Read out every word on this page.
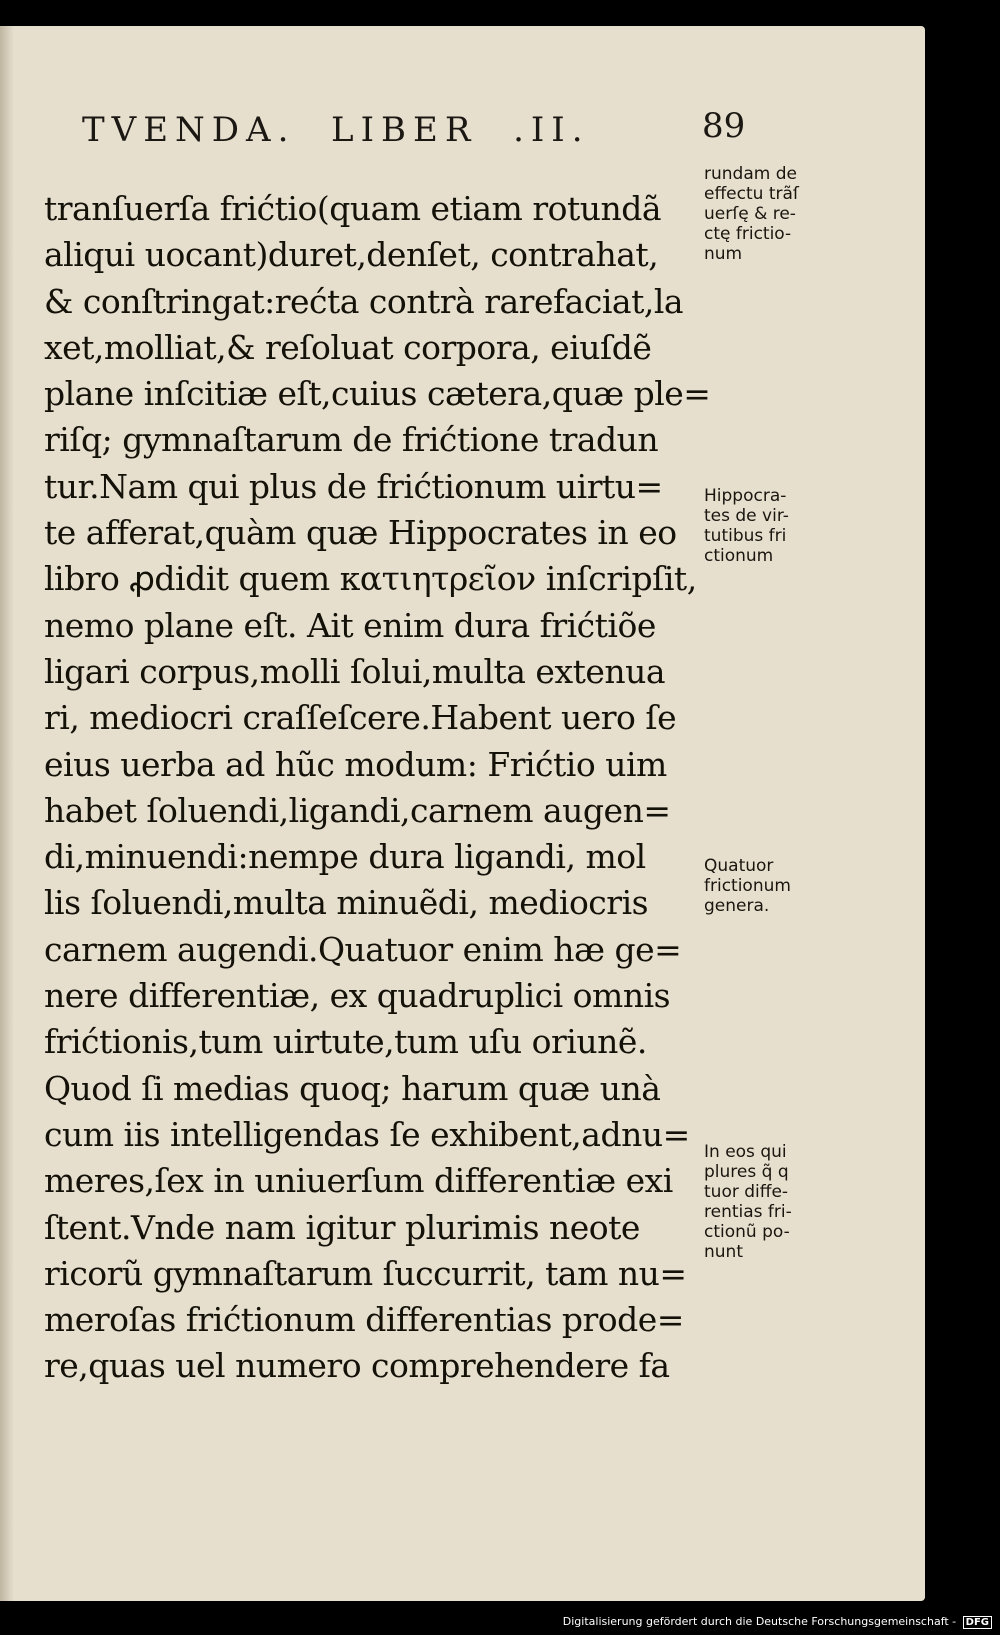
TVENDA.  LIBER  .II.	89
tranſuerſa frićtio(quam etiam rotundã
aliqui uocant)duret,denſet, contrahat,
& conſtringat:rećta contrà rarefaciat,la
xet,molliat,& reſoluat corpora, eiuſdẽ
plane inſcitiæ eſt,cuius cætera,quæ ple=
riſq; gymnaſtarum de frićtione tradun
tur.Nam qui plus de frićtionum uirtu=
te afferat,quàm quæ Hippocrates in eo
libro ꝓdidit quem κατιητρεῖον inſcripſit,
nemo plane eſt. Ait enim dura frićtiõe
ligari corpus,molli ſolui,multa extenua
ri, mediocri craſſeſcere.Habent uero ſe
eius uerba ad hũc modum: Frićtio uim
habet ſoluendi,ligandi,carnem augen=
di,minuendi:nempe dura ligandi, mol
lis ſoluendi,multa minuẽdi, mediocris
carnem augendi.Quatuor enim hæ ge=
nere differentiæ, ex quadruplici omnis
frićtionis,tum uirtute,tum uſu oriunẽ.
Quod ſi medias quoq; harum quæ unà
cum iis intelligendas ſe exhibent,adnu=
meres,ſex in uniuerſum differentiæ exi
ſtent.Vnde nam igitur plurimis neote
ricorũ gymnaſtarum ſuccurrit, tam nu=
meroſas frićtionum differentias prode=
re,quas uel numero comprehendere fa
rundam de
effectu trãſ
uerſę & re-
ctę frictio-
num
Hippocra-
tes de vir-
tutibus fri
ctionum
Quatuor
frictionum
genera.
In eos qui
plures q̃ q
tuor diffe-
rentias fri-
ctionũ po-
nunt
Digitalisierung gefördert durch die Deutsche Forschungsgemeinschaft - DFG
